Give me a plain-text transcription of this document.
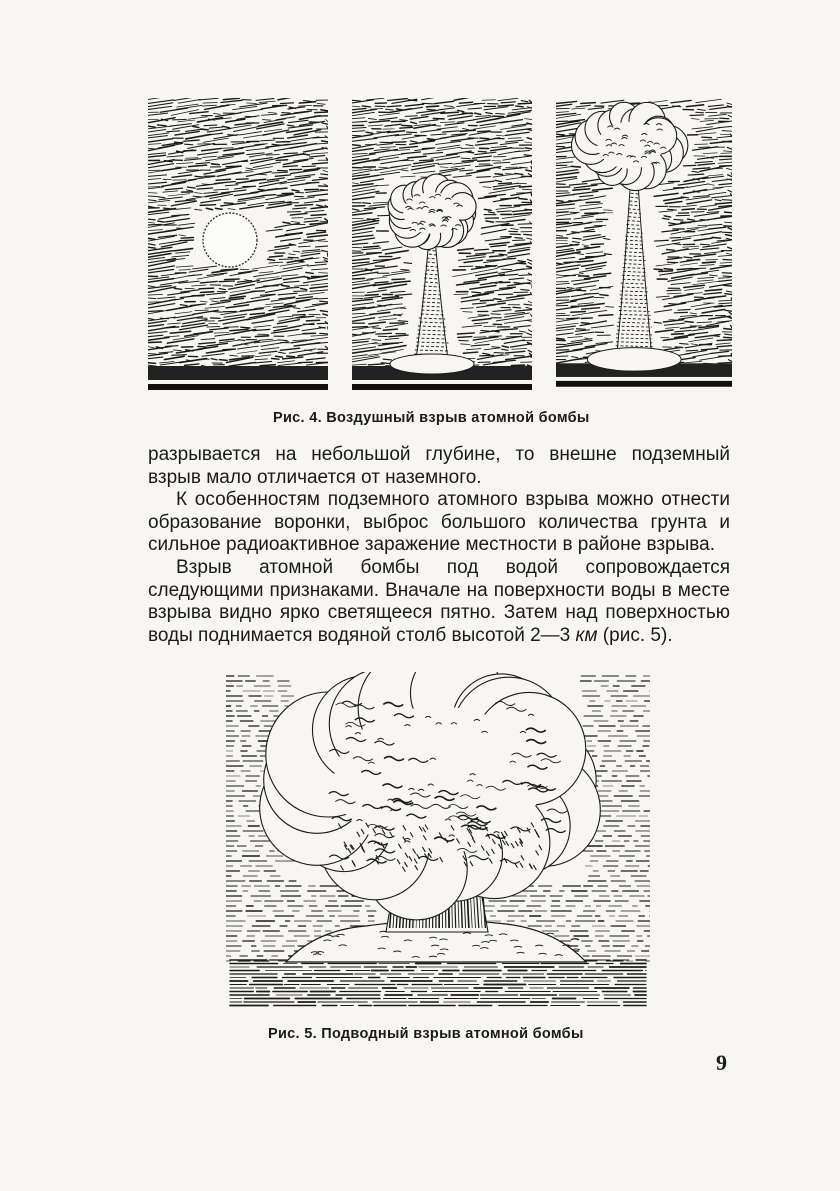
Рис. 4. Воздушный взрыв атомной бомбы

разрывается на небольшой глубине, то внешне подземный взрыв мало отличается от наземного.

К особенностям подземного атомного взрыва можно отнести образование воронки, выброс большого количества грунта и сильное радиоактивное заражение местности в районе взрыва.

Взрыв атомной бомбы под водой сопровождается следующими признаками. Вначале на поверхности воды в месте взрыва видно ярко светящееся пятно. Затем над поверхностью воды поднимается водяной столб высотой 2—3 км (рис. 5).

Рис. 5. Подводный взрыв атомной бомбы
9
